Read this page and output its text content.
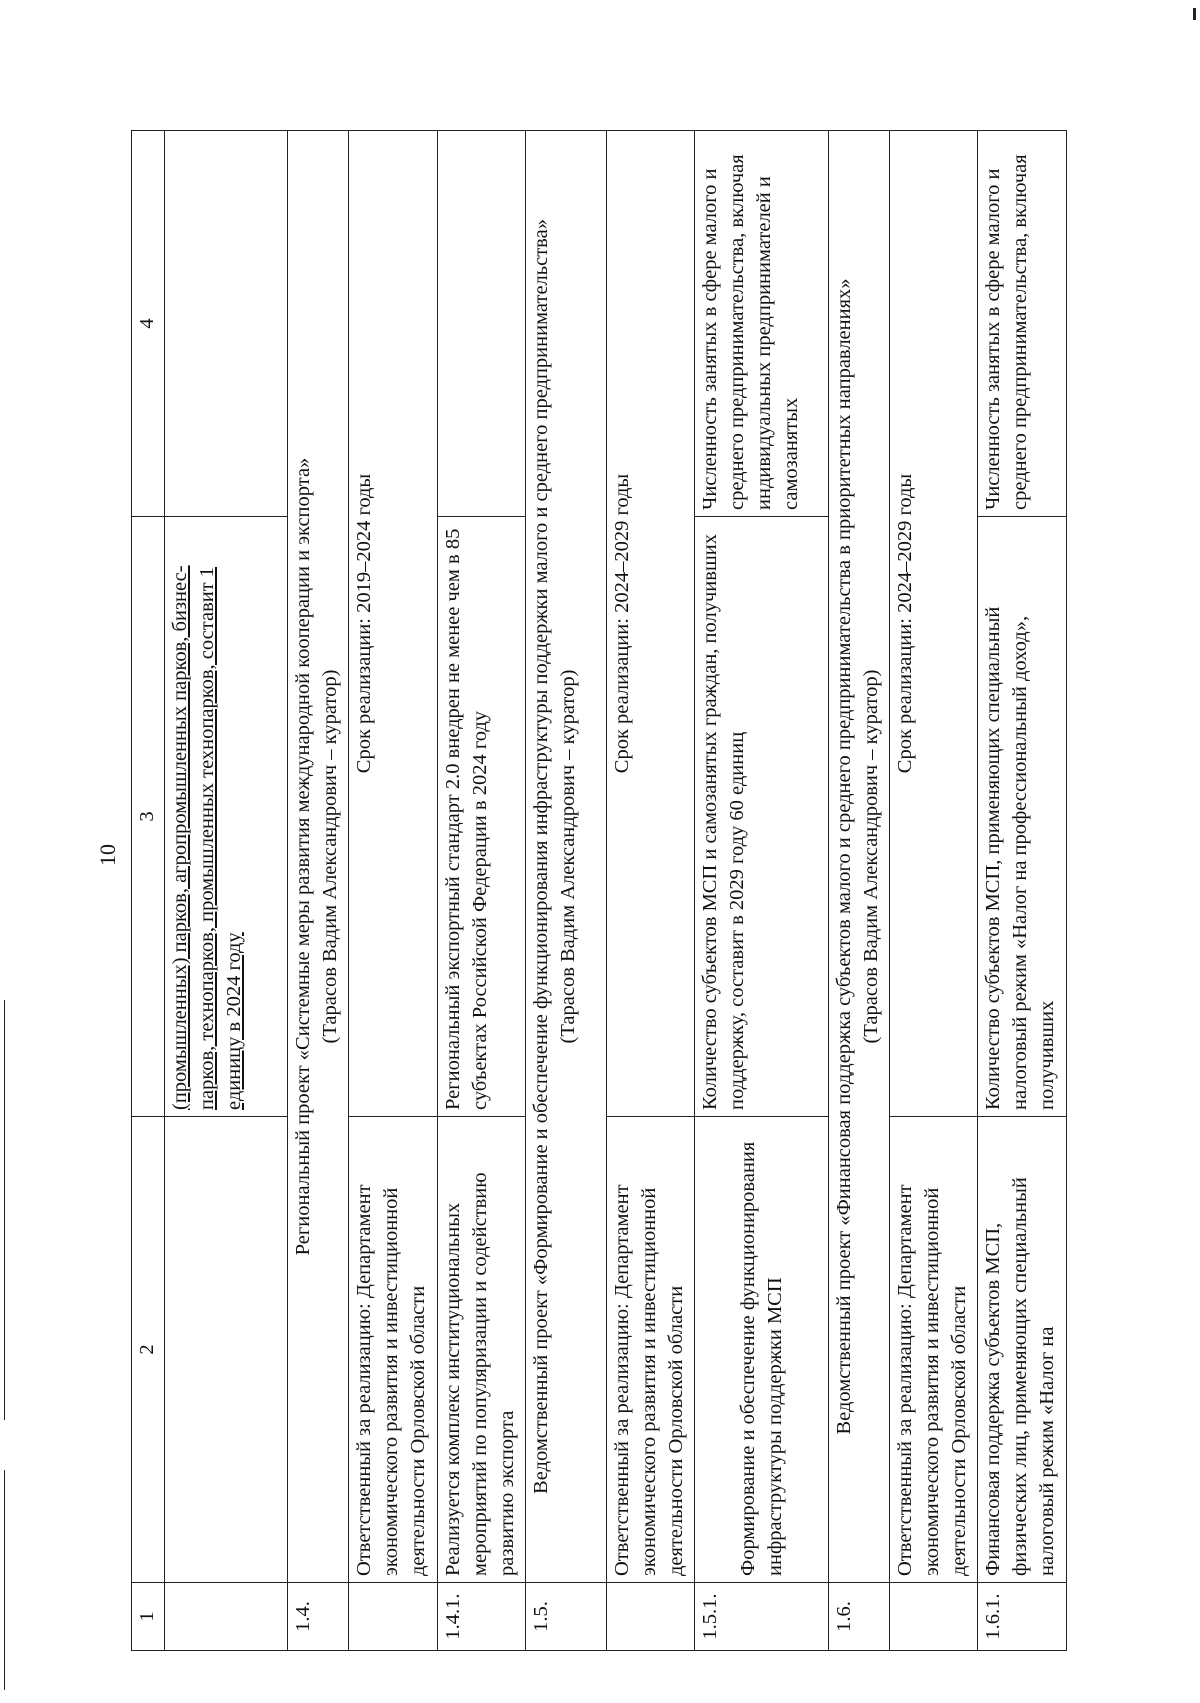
10
1	2	3	4
		(промышленных) парков, агропромышленных парков, бизнес-парков, технопарков, промышленных технопарков, составит 1 единицу в 2024 году	
1.4.	Региональный проект «Системные меры развития международной кооперации и экспорта» (Тарасов Вадим Александрович – куратор)		

	Ответственный за реализацию: Департамент экономического развития и инвестиционной деятельности Орловской области	Срок реализации: 2019–2024 годы	
1.4.1.	Реализуется комплекс институциональных мероприятий по популяризации и содействию развитию экспорта	Региональный экспортный стандарт 2.0 внедрен не менее чем в 85 субъектах Российской Федерации в 2024 году	
1.5.	Ведомственный проект «Формирование и обеспечение функционирования инфраструктуры поддержки малого и среднего предпринимательства» (Тарасов Вадим Александрович – куратор)		

	Ответственный за реализацию: Департамент экономического развития и инвестиционной деятельности Орловской области	Срок реализации: 2024–2029 годы	
1.5.1.	Формирование и обеспечение функционирования инфраструктуры поддержки МСП	Количество субъектов МСП и самозанятых граждан, получивших поддержку, составит в 2029 году 60 единиц	Численность занятых в сфере малого и среднего предпринимательства, включая индивидуальных предпринимателей и самозанятых
1.6.	Ведомственный проект «Финансовая поддержка субъектов малого и среднего предпринимательства в приоритетных направлениях» (Тарасов Вадим Александрович – куратор)		

	Ответственный за реализацию: Департамент экономического развития и инвестиционной деятельности Орловской области	Срок реализации: 2024–2029 годы	
1.6.1.	Финансовая поддержка субъектов МСП, физических лиц, применяющих специальный налоговый режим «Налог на	Количество субъектов МСП, применяющих специальный налоговый режим «Налог на профессиональный доход», получивших	Численность занятых в сфере малого и среднего предпринимательства, включая
